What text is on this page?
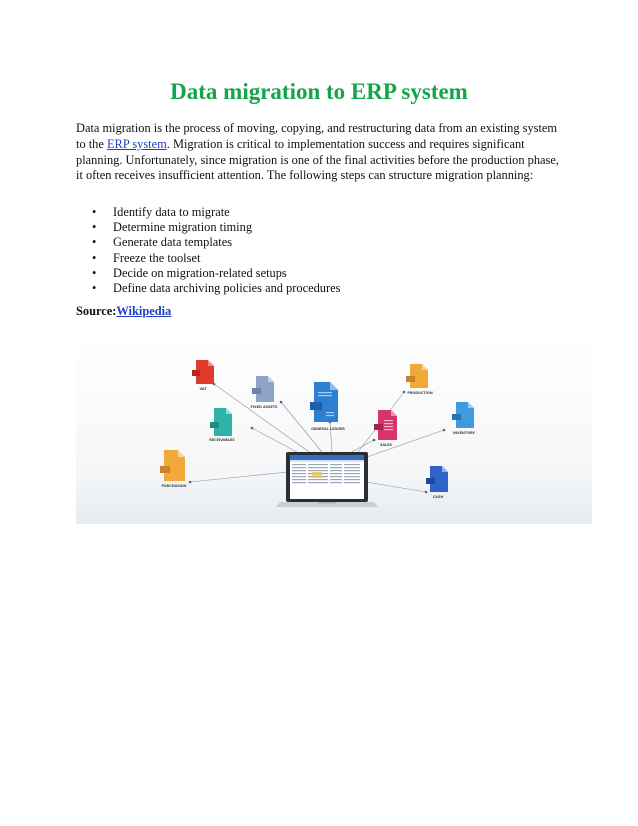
Data migration to ERP system

Data migration is the process of moving, copying, and restructuring data from an existing system to the ERP system. Migration is critical to implementation success and requires significant planning. Unfortunately, since migration is one of the final activities before the production phase, it often receives insufficient attention. The following steps can structure migration planning:

• Identify data to migrate
• Determine migration timing
• Generate data templates
• Freeze the toolset
• Decide on migration-related setups
• Define data archiving policies and procedures

Source:Wikipedia

VAT
FIXED ASSETS
GENERAL LEDGER
RECEIVABLES
SALES
PRODUCTION
INVENTORY
PURCHASING
CASH
